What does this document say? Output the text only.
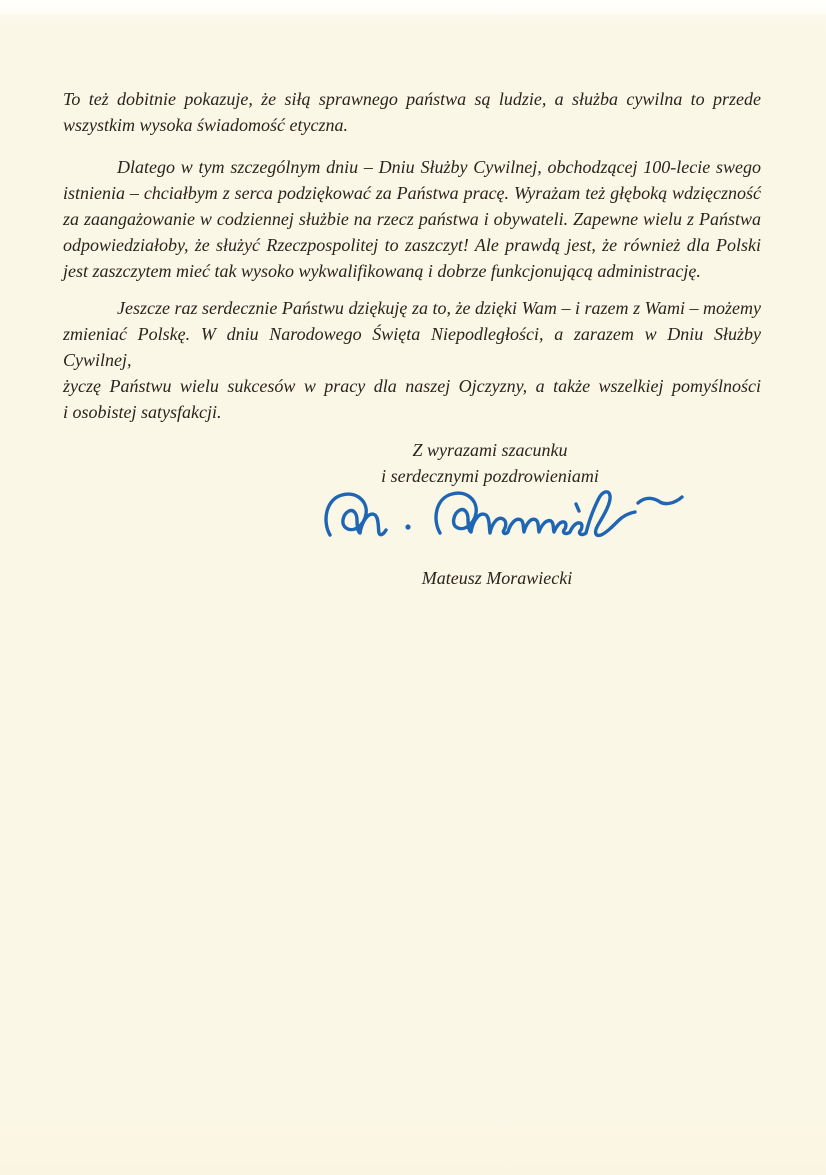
To też dobitnie pokazuje, że siłą sprawnego państwa są ludzie, a służba cywilna to przede
wszystkim wysoka świadomość etyczna.
Dlatego w tym szczególnym dniu – Dniu Służby Cywilnej, obchodzącej 100-lecie swego
istnienia – chciałbym z serca podziękować za Państwa pracę. Wyrażam też głęboką wdzięczność
za zaangażowanie w codziennej służbie na rzecz państwa i obywateli. Zapewne wielu z Państwa
odpowiedziałoby, że służyć Rzeczpospolitej to zaszczyt! Ale prawdą jest, że również dla Polski
jest zaszczytem mieć tak wysoko wykwalifikowaną i dobrze funkcjonującą administrację.
Jeszcze raz serdecznie Państwu dziękuję za to, że dzięki Wam – i razem z Wami – możemy
zmieniać Polskę. W dniu Narodowego Święta Niepodległości, a zarazem w Dniu Służby Cywilnej,
życzę Państwu wielu sukcesów w pracy dla naszej Ojczyzny, a także wszelkiej pomyślności
i osobistej satysfakcji.
Z wyrazami szacunku
i serdecznymi pozdrowieniami
Mateusz Morawiecki
